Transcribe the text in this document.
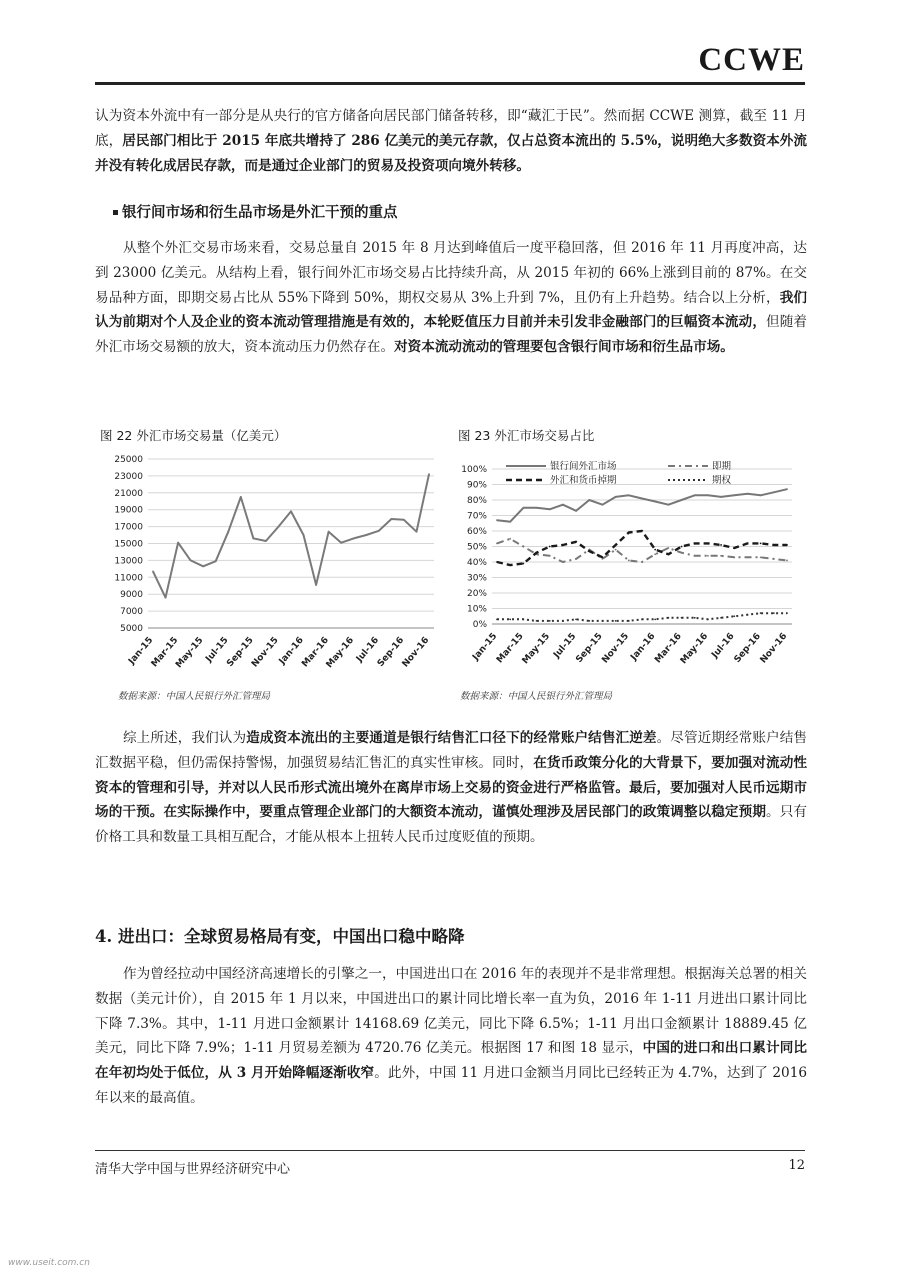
CCWE

认为资本外流中有一部分是从央行的官方储备向居民部门储备转移，即“藏汇于民”。然而据 CCWE 测算，截至 11 月底，居民部门相比于 2015 年底共增持了 286 亿美元的美元存款，仅占总资本流出的 5.5%，说明绝大多数资本外流并没有转化成居民存款，而是通过企业部门的贸易及投资项向境外转移。

银行间市场和衍生品市场是外汇干预的重点

从整个外汇交易市场来看，交易总量自 2015 年 8 月达到峰值后一度平稳回落，但 2016 年 11 月再度冲高，达到 23000 亿美元。从结构上看，银行间外汇市场交易占比持续升高，从 2015 年初的 66%上涨到目前的 87%。在交易品种方面，即期交易占比从 55%下降到 50%，期权交易从 3%上升到 7%，且仍有上升趋势。结合以上分析，我们认为前期对个人及企业的资本流动管理措施是有效的，本轮贬值压力目前并未引发非金融部门的巨幅资本流动，但随着外汇市场交易额的放大，资本流动压力仍然存在。对资本流动流动的管理要包含银行间市场和衍生品市场。

图 22 外汇市场交易量（亿美元）	图 23 外汇市场交易占比

5000
7000
9000
11000
13000
15000
17000
19000
21000
23000
25000
Jan-15
Mar-15
May-15
Jul-15
Sep-15
Nov-15
Jan-16
Mar-16
May-16
Jul-16
Sep-16
Nov-16
0%
10%
20%
30%
40%
50%
60%
70%
80%
90%
100%
Jan-15
Mar-15
May-15 Jul-15
Sep-15
Nov-15
Jan-16
Mar-16
May-16 Jul-16
Sep-16
Nov-16
银行间外汇市场	即期
外汇和货币掉期	期权

数据来源：中国人民银行外汇管理局	数据来源：中国人民银行外汇管理局

综上所述，我们认为造成资本流出的主要通道是银行结售汇口径下的经常账户结售汇逆差。尽管近期经常账户结售汇数据平稳，但仍需保持警惕，加强贸易结汇售汇的真实性审核。同时，在货币政策分化的大背景下，要加强对流动性资本的管理和引导，并对以人民币形式流出境外在离岸市场上交易的资金进行严格监管。最后，要加强对人民币远期市场的干预。在实际操作中，要重点管理企业部门的大额资本流动，谨慎处理涉及居民部门的政策调整以稳定预期。只有价格工具和数量工具相互配合，才能从根本上扭转人民币过度贬值的预期。

4. 进出口：全球贸易格局有变，中国出口稳中略降

作为曾经拉动中国经济高速增长的引擎之一，中国进出口在 2016 年的表现并不是非常理想。根据海关总署的相关数据（美元计价），自 2015 年 1 月以来，中国进出口的累计同比增长率一直为负，2016 年 1-11 月进出口累计同比下降 7.3%。其中，1-11 月进口金额累计 14168.69 亿美元，同比下降 6.5%；1-11 月出口金额累计 18889.45 亿美元，同比下降 7.9%；1-11 月贸易差额为 4720.76 亿美元。根据图 17 和图 18 显示，中国的进口和出口累计同比在年初均处于低位，从 3 月开始降幅逐渐收窄。此外，中国 11 月进口金额当月同比已经转正为 4.7%，达到了 2016 年以来的最高值。

清华大学中国与世界经济研究中心	12
www.useit.com.cn
